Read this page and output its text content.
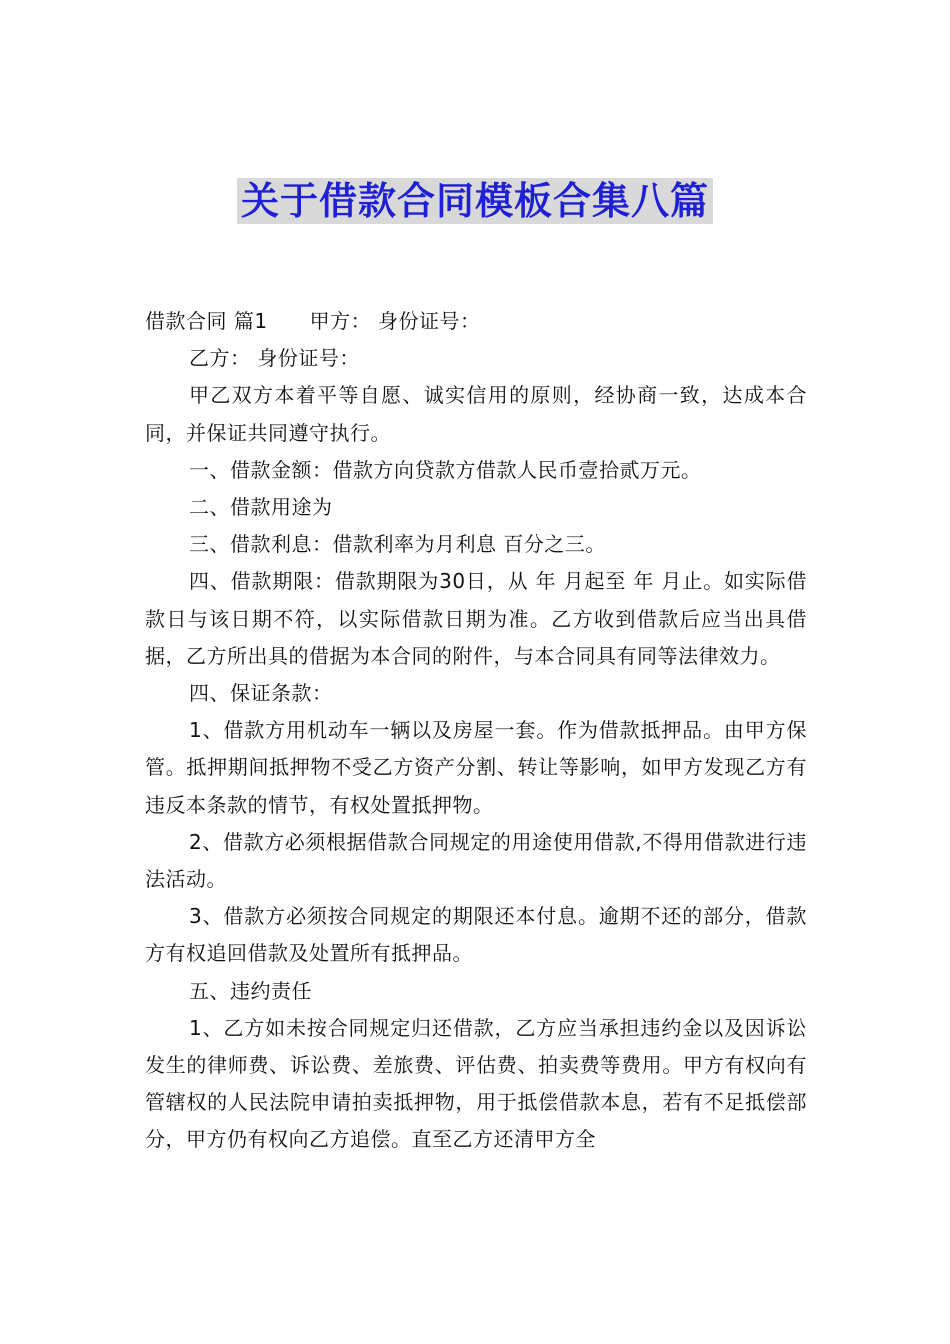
关于借款合同模板合集八篇

借款合同 篇1 甲方： 身份证号：

乙方： 身份证号：

甲乙双方本着平等自愿、诚实信用的原则，经协商一致，达成本合同，并保证共同遵守执行。

一、借款金额：借款方向贷款方借款人民币壹拾贰万元。

二、借款用途为

三、借款利息：借款利率为月利息 百分之三。

四、借款期限：借款期限为30日，从 年 月起至 年 月止。如实际借款日与该日期不符，以实际借款日期为准。乙方收到借款后应当出具借据，乙方所出具的借据为本合同的附件，与本合同具有同等法律效力。

四、保证条款：

1、借款方用机动车一辆以及房屋一套。作为借款抵押品。由甲方保管。抵押期间抵押物不受乙方资产分割、转让等影响，如甲方发现乙方有违反本条款的情节，有权处置抵押物。

2、借款方必须根据借款合同规定的用途使用借款,不得用借款进行违法活动。

3、借款方必须按合同规定的期限还本付息。逾期不还的部分，借款方有权追回借款及处置所有抵押品。

五、违约责任

1、乙方如未按合同规定归还借款，乙方应当承担违约金以及因诉讼发生的律师费、诉讼费、差旅费、评估费、拍卖费等费用。甲方有权向有管辖权的人民法院申请拍卖抵押物，用于抵偿借款本息，若有不足抵偿部分，甲方仍有权向乙方追偿。直至乙方还清甲方全
